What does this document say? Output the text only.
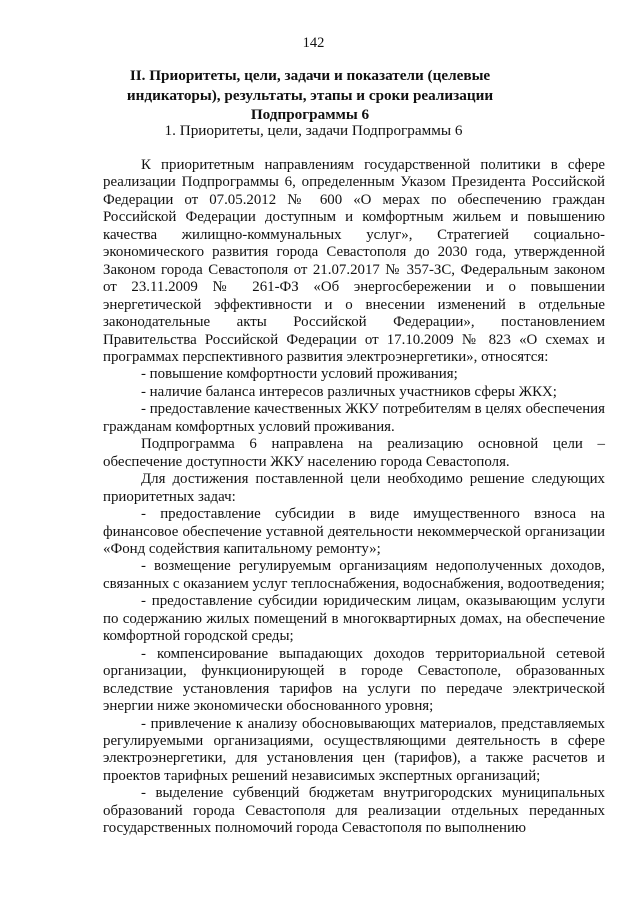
142
II. Приоритеты, цели, задачи и показатели (целевые индикаторы), результаты, этапы и сроки реализации Подпрограммы 6
1. Приоритеты, цели, задачи Подпрограммы 6

К приоритетным направлениям государственной политики в сфере реализации Подпрограммы 6, определенным Указом Президента Российской Федерации от 07.05.2012 № 600 «О мерах по обеспечению граждан Российской Федерации доступным и комфортным жильем и повышению качества жилищно-коммунальных услуг», Стратегией социально-экономического развития города Севастополя до 2030 года, утвержденной Законом города Севастополя от 21.07.2017 № 357-ЗС, Федеральным законом от 23.11.2009 № 261-ФЗ «Об энергосбережении и о повышении энергетической эффективности и о внесении изменений в отдельные законодательные акты Российской Федерации», постановлением Правительства Российской Федерации от 17.10.2009 № 823 «О схемах и программах перспективного развития электроэнергетики», относятся:

- повышение комфортности условий проживания;

- наличие баланса интересов различных участников сферы ЖКХ;

- предоставление качественных ЖКУ потребителям в целях обеспечения гражданам комфортных условий проживания.

Подпрограмма 6 направлена на реализацию основной цели – обеспечение доступности ЖКУ населению города Севастополя.

Для достижения поставленной цели необходимо решение следующих приоритетных задач:

- предоставление субсидии в виде имущественного взноса на финансовое обеспечение уставной деятельности некоммерческой организации «Фонд содействия капитальному ремонту»;

- возмещение регулируемым организациям недополученных доходов, связанных с оказанием услуг теплоснабжения, водоснабжения, водоотведения;

- предоставление субсидии юридическим лицам, оказывающим услуги по содержанию жилых помещений в многоквартирных домах, на обеспечение комфортной городской среды;

- компенсирование выпадающих доходов территориальной сетевой организации, функционирующей в городе Севастополе, образованных вследствие установления тарифов на услуги по передаче электрической энергии ниже экономически обоснованного уровня;

- привлечение к анализу обосновывающих материалов, представляемых регулируемыми организациями, осуществляющими деятельность в сфере электроэнергетики, для установления цен (тарифов), а также расчетов и проектов тарифных решений независимых экспертных организаций;

- выделение субвенций бюджетам внутригородских муниципальных образований города Севастополя для реализации отдельных переданных государственных полномочий города Севастополя по выполнению
